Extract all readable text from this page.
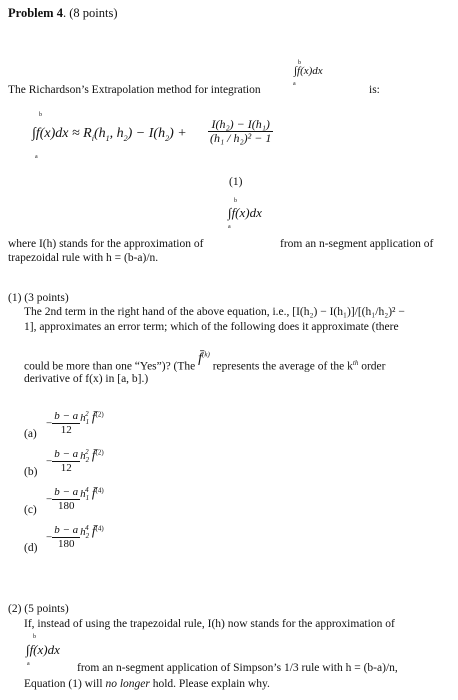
Problem 4. (8 points)
b
∫f(x)dx
a
The Richardson’s Extrapolation method for integration	is:
b
$\int f(x)dx \approx R_i(h_1$, $h_2) - I(h_2)$ +
a
$\frac{\text{I(h₂) − I(h₁)}}{\text{(h₁ / h₂)² − 1}}$
(1)
b
∫f(x)dx
a
where I(h) stands for the approximation of	from an n-segment application of
trapezoidal rule with h = (b-a)/n.
(1) (3 points)
The 2nd term in the right hand of the above equation, i.e., [I(h₂) − I(h₁)]/[(h₁/h₂)² −
1], approximates an error term; which of the following does it approximate (there
could be more than one “Yes”)? (The f̄$^{(k)}$ represents the average of the $k^{th}$ order
derivative of f(x) in [a, b].)
(a)
− $\frac{b - a}{12} h_1^2$ f̄$^{(2)}$
(b)
− $\frac{b - a}{12} h_2^2$ f̄$^{(2)}$
(c)
− $\frac{b - a}{180} h_1^4$ f̄$^{(4)}$
(d)
− $\frac{b - a}{180} h_2^4$ f̄$^{(4)}$
(2) (5 points)
If, instead of using the trapezoidal rule, I(h) now stands for the approximation of
b
∫f(x)dx
a	from an n-segment application of Simpson’s 1/3 rule with h = (b-a)/n,
Equation (1) will no longer hold. Please explain why.
